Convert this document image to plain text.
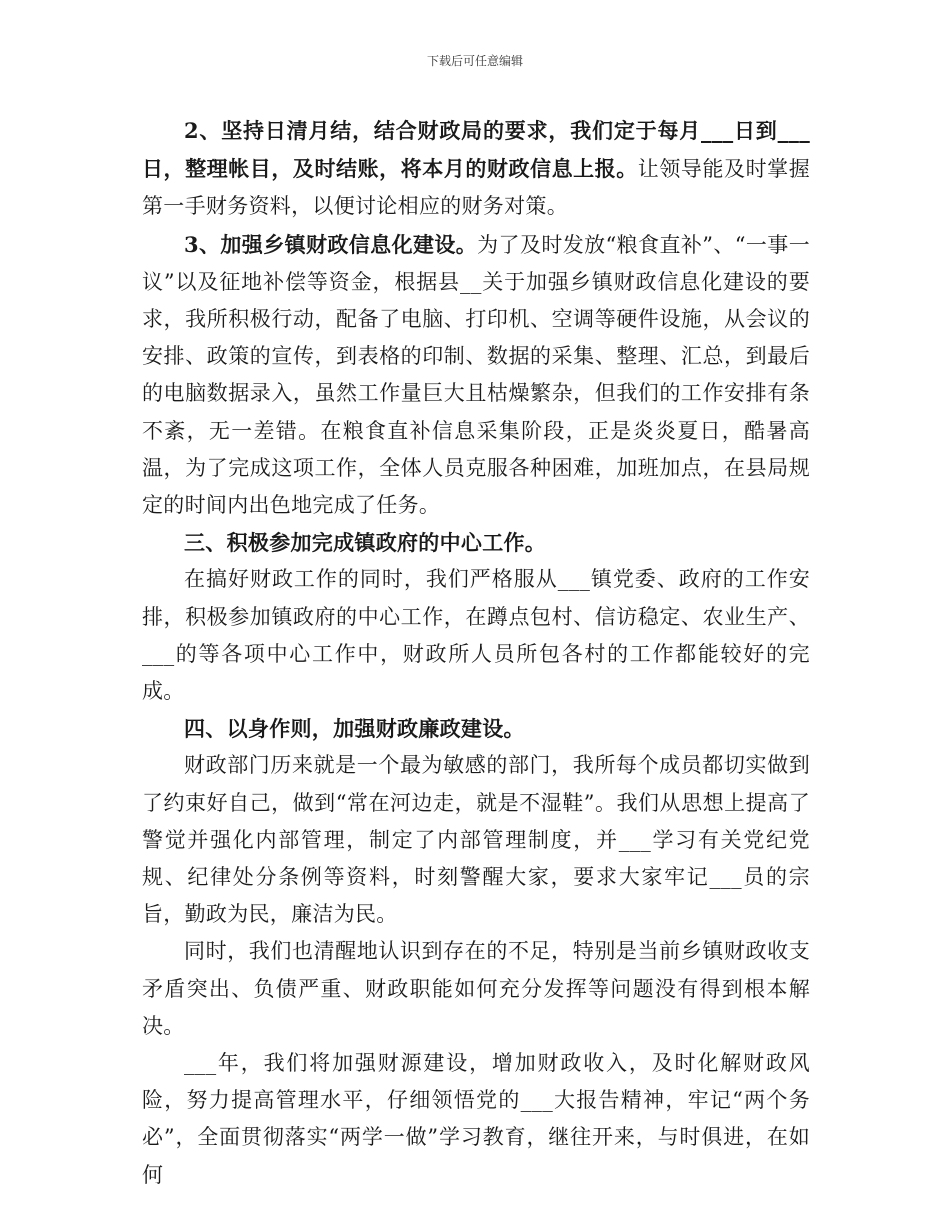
下载后可任意编辑

2、坚持日清月结，结合财政局的要求，我们定于每月___日到___日，整理帐目，及时结账，将本月的财政信息上报。让领导能及时掌握第一手财务资料，以便讨论相应的财务对策。

3、加强乡镇财政信息化建设。为了及时发放“粮食直补”、“一事一议”以及征地补偿等资金，根据县__关于加强乡镇财政信息化建设的要求，我所积极行动，配备了电脑、打印机、空调等硬件设施，从会议的安排、政策的宣传，到表格的印制、数据的采集、整理、汇总，到最后的电脑数据录入，虽然工作量巨大且枯燥繁杂，但我们的工作安排有条不紊，无一差错。在粮食直补信息采集阶段，正是炎炎夏日，酷暑高温，为了完成这项工作，全体人员克服各种困难，加班加点，在县局规定的时间内出色地完成了任务。

三、积极参加完成镇政府的中心工作。

在搞好财政工作的同时，我们严格服从___镇党委、政府的工作安排，积极参加镇政府的中心工作，在蹲点包村、信访稳定、农业生产、___的等各项中心工作中，财政所人员所包各村的工作都能较好的完成。

四、以身作则，加强财政廉政建设。

财政部门历来就是一个最为敏感的部门，我所每个成员都切实做到了约束好自己，做到“常在河边走，就是不湿鞋”。我们从思想上提高了警觉并强化内部管理，制定了内部管理制度，并___学习有关党纪党规、纪律处分条例等资料，时刻警醒大家，要求大家牢记___员的宗旨，勤政为民，廉洁为民。

同时，我们也清醒地认识到存在的不足，特别是当前乡镇财政收支矛盾突出、负债严重、财政职能如何充分发挥等问题没有得到根本解决。

___年，我们将加强财源建设，增加财政收入，及时化解财政风险，努力提高管理水平，仔细领悟党的___大报告精神，牢记“两个务必”，全面贯彻落实“两学一做”学习教育，继往开来，与时俱进，在如何
